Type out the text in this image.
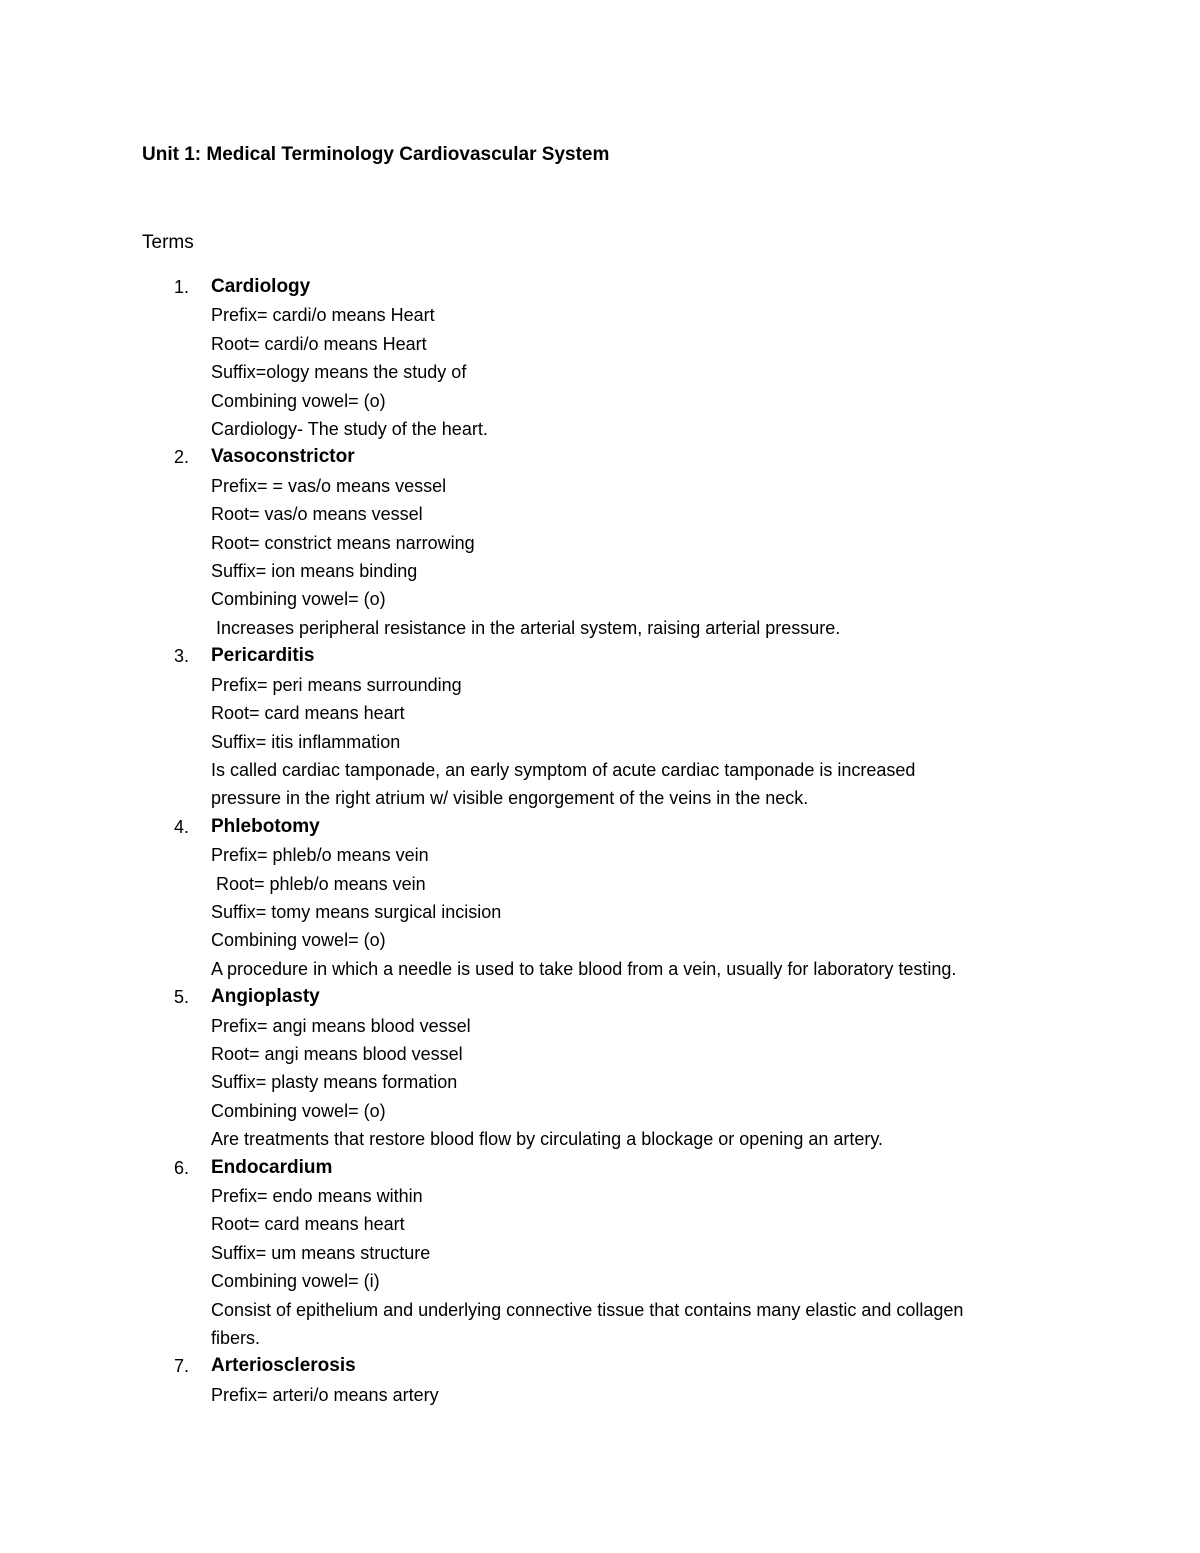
Unit 1: Medical Terminology Cardiovascular System
Terms
1. Cardiology
Prefix= cardi/o means Heart
Root= cardi/o means Heart
Suffix=ology means the study of
Combining vowel= (o)
Cardiology- The study of the heart.
2. Vasoconstrictor
Prefix= = vas/o means vessel
Root= vas/o means vessel
Root= constrict means narrowing
Suffix= ion means binding
Combining vowel= (o)
Increases peripheral resistance in the arterial system, raising arterial pressure.
3. Pericarditis
Prefix= peri means surrounding
Root= card means heart
Suffix= itis inflammation
Is called cardiac tamponade, an early symptom of acute cardiac tamponade is increased
pressure in the right atrium w/ visible engorgement of the veins in the neck.
4. Phlebotomy
Prefix= phleb/o means vein
Root= phleb/o means vein
Suffix= tomy means surgical incision
Combining vowel= (o)
A procedure in which a needle is used to take blood from a vein, usually for laboratory testing.
5. Angioplasty
Prefix= angi means blood vessel
Root= angi means blood vessel
Suffix= plasty means formation
Combining vowel= (o)
Are treatments that restore blood flow by circulating a blockage or opening an artery.
6. Endocardium
Prefix= endo means within
Root= card means heart
Suffix= um means structure
Combining vowel= (i)
Consist of epithelium and underlying connective tissue that contains many elastic and collagen
fibers.
7. Arteriosclerosis
Prefix= arteri/o means artery
